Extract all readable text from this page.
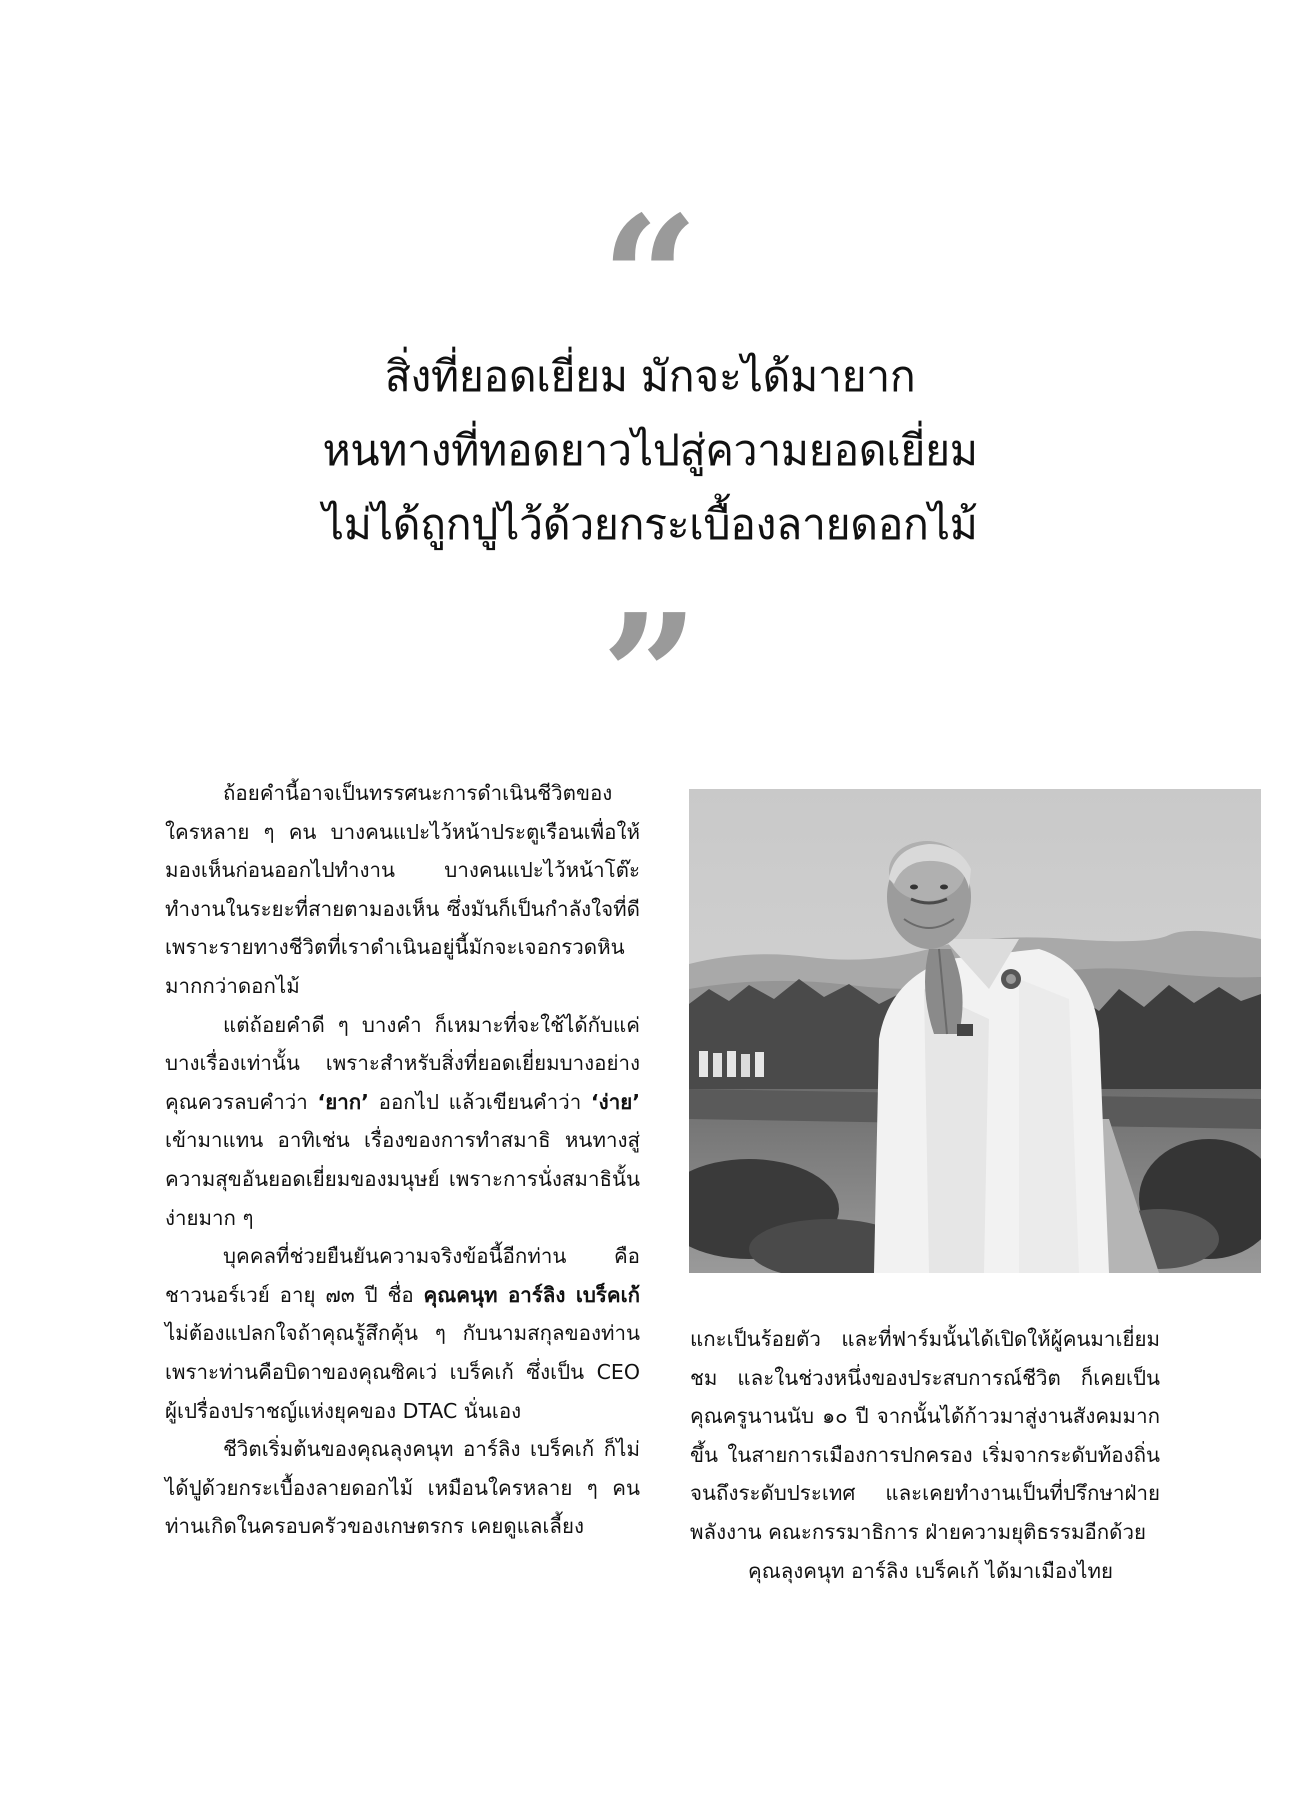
“
สิ่งที่ยอดเยี่ยม มักจะได้มายาก
หนทางที่ทอดยาวไปสู่ความยอดเยี่ยม
ไม่ได้ถูกปูไว้ด้วยกระเบื้องลายดอกไม้
”

ถ้อยคำนี้อาจเป็นทรรศนะการดำเนินชีวิตของใครหลาย ๆ คน บางคนแปะไว้หน้าประตูเรือนเพื่อให้มองเห็นก่อนออกไปทำงาน บางคนแปะไว้หน้าโต๊ะทำงานในระยะที่สายตามองเห็น ซึ่งมันก็เป็นกำลังใจที่ดี เพราะรายทางชีวิตที่เราดำเนินอยู่นี้มักจะเจอกรวดหินมากกว่าดอกไม้

แต่ถ้อยคำดี ๆ บางคำ ก็เหมาะที่จะใช้ได้กับแค่บางเรื่องเท่านั้น เพราะสำหรับสิ่งที่ยอดเยี่ยมบางอย่าง คุณควรลบคำว่า ‘ยาก’ ออกไป แล้วเขียนคำว่า ‘ง่าย’ เข้ามาแทน อาทิเช่น เรื่องของการทำสมาธิ หนทางสู่ความสุขอันยอดเยี่ยมของมนุษย์ เพราะการนั่งสมาธินั้นง่ายมาก ๆ

บุคคลที่ช่วยยืนยันความจริงข้อนี้อีกท่าน คือ ชาวนอร์เวย์ อายุ ๗๓ ปี ชื่อ คุณคนุท อาร์ลิง เบร็คเก้ ไม่ต้องแปลกใจถ้าคุณรู้สึกคุ้น ๆ กับนามสกุลของท่าน เพราะท่านคือบิดาของคุณซิคเว่ เบร็คเก้ ซึ่งเป็น CEO ผู้เปรื่องปราชญ์แห่งยุคของ DTAC นั่นเอง

ชีวิตเริ่มต้นของคุณลุงคนุท อาร์ลิง เบร็คเก้ ก็ไม่ได้ปูด้วยกระเบื้องลายดอกไม้ เหมือนใครหลาย ๆ คน ท่านเกิดในครอบครัวของเกษตรกร เคยดูแลเลี้ยง

แกะเป็นร้อยตัว และที่ฟาร์มนั้นได้เปิดให้ผู้คนมาเยี่ยมชม และในช่วงหนึ่งของประสบการณ์ชีวิต ก็เคยเป็นคุณครูนานนับ ๑๐ ปี จากนั้นได้ก้าวมาสู่งานสังคมมากขึ้น ในสายการเมืองการปกครอง เริ่มจากระดับท้องถิ่นจนถึงระดับประเทศ และเคยทำงานเป็นที่ปรึกษาฝ่ายพลังงาน คณะกรรมาธิการ ฝ่ายความยุติธรรมอีกด้วย

คุณลุงคนุท อาร์ลิง เบร็คเก้ ได้มาเมืองไทย
